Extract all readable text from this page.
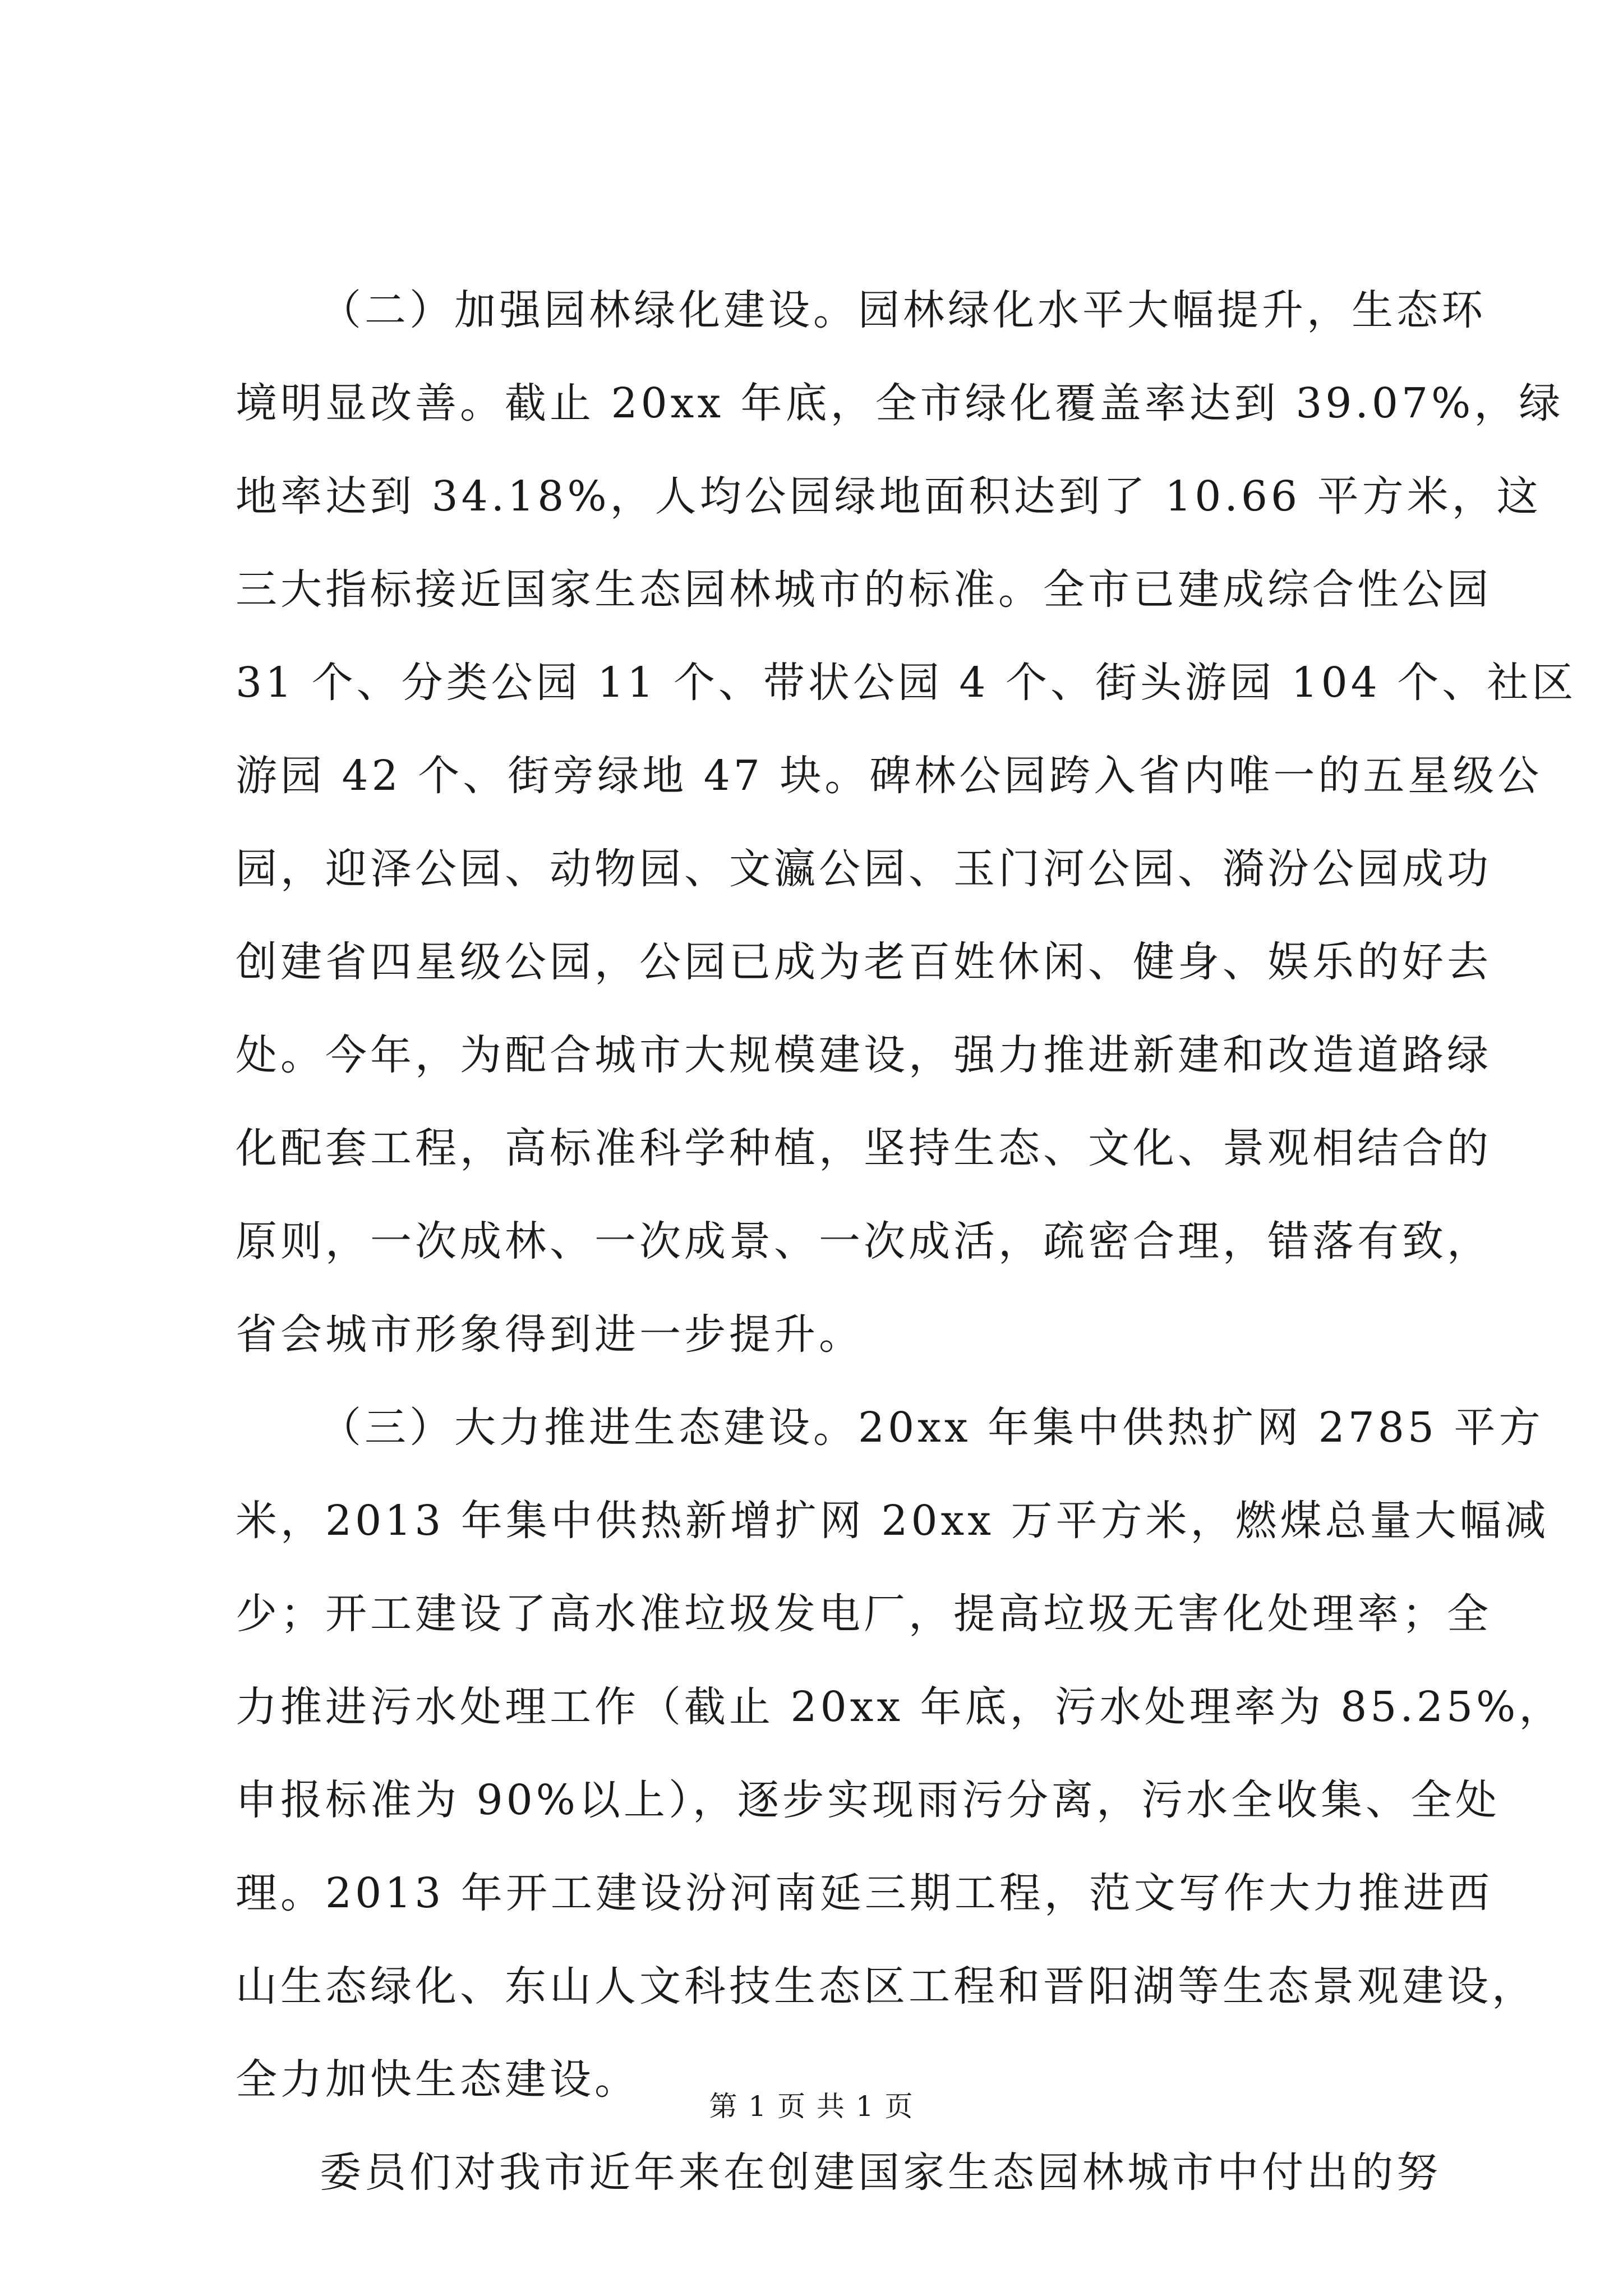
（二）加强园林绿化建设。园林绿化水平大幅提升，生态环
境明显改善。截止 20xx 年底，全市绿化覆盖率达到 39.07%，绿
地率达到 34.18%，人均公园绿地面积达到了 10.66 平方米，这
三大指标接近国家生态园林城市的标准。全市已建成综合性公园
31 个、分类公园 11 个、带状公园 4 个、街头游园 104 个、社区
游园 42 个、街旁绿地 47 块。碑林公园跨入省内唯一的五星级公
园，迎泽公园、动物园、文瀛公园、玉门河公园、漪汾公园成功
创建省四星级公园，公园已成为老百姓休闲、健身、娱乐的好去
处。今年，为配合城市大规模建设，强力推进新建和改造道路绿
化配套工程，高标准科学种植，坚持生态、文化、景观相结合的
原则，一次成林、一次成景、一次成活，疏密合理，错落有致，
省会城市形象得到进一步提升。
（三）大力推进生态建设。20xx 年集中供热扩网 2785 平方
米，2013 年集中供热新增扩网 20xx 万平方米，燃煤总量大幅减
少；开工建设了高水准垃圾发电厂，提高垃圾无害化处理率；全
力推进污水处理工作（截止 20xx 年底，污水处理率为 85.25%，
申报标准为 90%以上），逐步实现雨污分离，污水全收集、全处
理。2013 年开工建设汾河南延三期工程，范文写作大力推进西
山生态绿化、东山人文科技生态区工程和晋阳湖等生态景观建设，
全力加快生态建设。
委员们对我市近年来在创建国家生态园林城市中付出的努
第 1 页 共 1 页
